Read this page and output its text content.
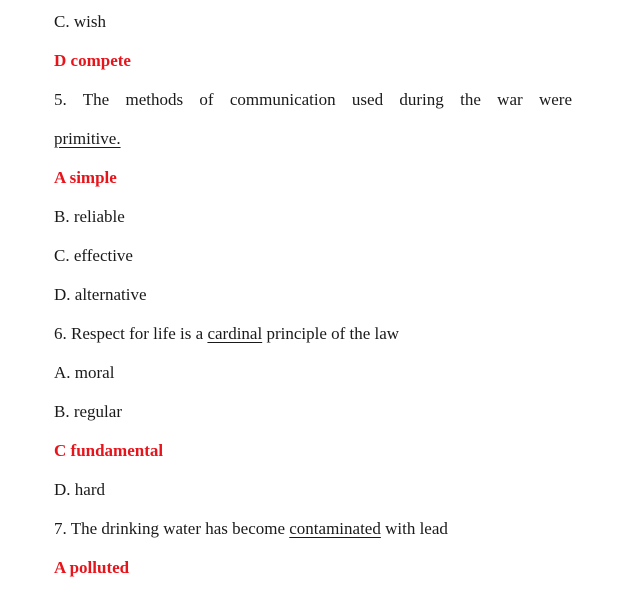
C. wish
D compete
5. The methods of communication used during the war were
primitive.
A simple
B. reliable
C. effective
D. alternative
6. Respect for life is a cardinal principle of the law
A. moral
B. regular
C fundamental
D. hard
7. The drinking water has become contaminated with lead
A polluted
